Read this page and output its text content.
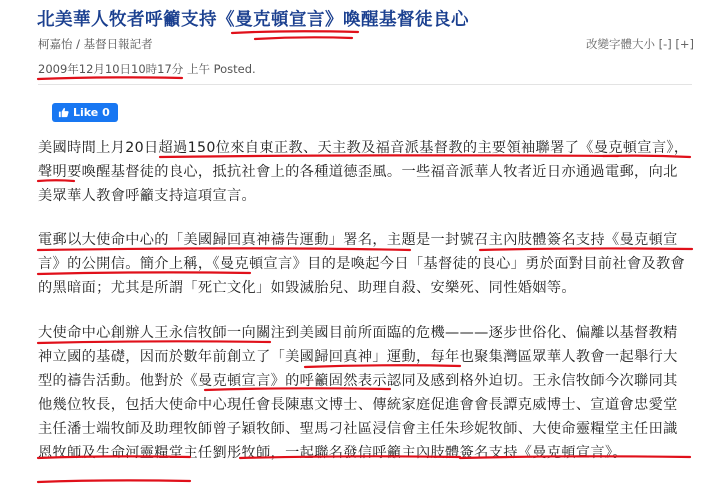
北美華人牧者呼籲支持《曼克頓宣言》喚醒基督徒良心
柯嘉怡 / 基督日報記者	改變字體大小 [-] [+]
2009年12月10日10時17分 上午 Posted.
Like 0

美國時間上月20日超過150位來自東正教、天主教及福音派基督教的主要領袖聯署了《曼克頓宣言》，聲明要喚醒基督徒的良心，抵抗社會上的各種道德歪風。一些福音派華人牧者近日亦通過電郵，向北美眾華人教會呼籲支持這項宣言。

電郵以大使命中心的「美國歸回真神禱告運動」署名，主題是一封號召主內肢體簽名支持《曼克頓宣言》的公開信。簡介上稱，《曼克頓宣言》目的是喚起今日「基督徒的良心」勇於面對目前社會及教會的黑暗面；尤其是所謂「死亡文化」如毀滅胎兒、助理自殺、安樂死、同性婚姻等。

大使命中心創辦人王永信牧師一向關注到美國目前所面臨的危機———逐步世俗化、偏離以基督教精神立國的基礎，因而於數年前創立了「美國歸回真神」運動，每年也聚集灣區眾華人教會一起舉行大型的禱告活動。他對於《曼克頓宣言》的呼籲固然表示認同及感到格外迫切。王永信牧師今次聯同其他幾位牧長，包括大使命中心現任會長陳惠文博士、傳統家庭促進會會長譚克威博士、宣道會忠愛堂主任潘士端牧師及助理牧師曾子穎牧師、聖馬刁社區浸信會主任朱珍妮牧師、大使命靈糧堂主任田識恩牧師及生命河靈糧堂主任劉彤牧師，一起聯名發信呼籲主內肢體簽名支持《曼克頓宣言》。
